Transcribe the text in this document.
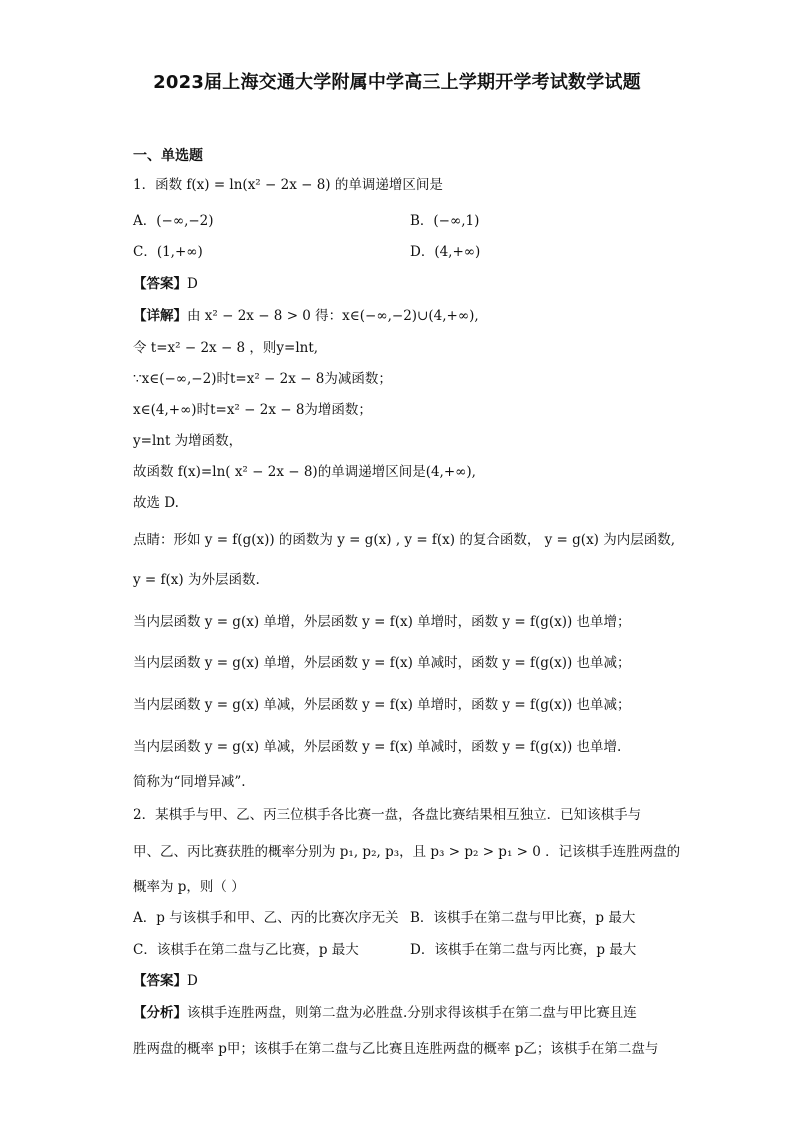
2023届上海交通大学附属中学高三上学期开学考试数学试题
一、单选题
1．函数 f(x) = ln(x² − 2x − 8) 的单调递增区间是
A．(−∞,−2)	B．(−∞,1)
C．(1,+∞)	D．(4,+∞)
【答案】D
【详解】由 x² − 2x − 8 > 0 得：x∈(−∞,−2)∪(4,+∞),
令 t=x² − 2x − 8 ，则y=lnt,
∵x∈(−∞,−2)时t=x² − 2x − 8为减函数；
x∈(4,+∞)时t=x² − 2x − 8为增函数；
y=lnt 为增函数，
故函数 f(x)=ln( x² − 2x − 8)的单调递增区间是(4,+∞),
故选 D.
点睛：形如 y = f(g(x)) 的函数为 y = g(x) , y = f(x) 的复合函数， y = g(x) 为内层函数,
y = f(x) 为外层函数.
当内层函数 y = g(x) 单增，外层函数 y = f(x) 单增时，函数 y = f(g(x)) 也单增；
当内层函数 y = g(x) 单增，外层函数 y = f(x) 单减时，函数 y = f(g(x)) 也单减；
当内层函数 y = g(x) 单减，外层函数 y = f(x) 单增时，函数 y = f(g(x)) 也单减；
当内层函数 y = g(x) 单减，外层函数 y = f(x) 单减时，函数 y = f(g(x)) 也单增.
简称为“同增异减”.
2．某棋手与甲、乙、丙三位棋手各比赛一盘，各盘比赛结果相互独立．已知该棋手与
甲、乙、丙比赛获胜的概率分别为 p₁, p₂, p₃，且 p₃ > p₂ > p₁ > 0 ．记该棋手连胜两盘的
概率为 p，则（ ）
A．p 与该棋手和甲、乙、丙的比赛次序无关 B．该棋手在第二盘与甲比赛，p 最大
C．该棋手在第二盘与乙比赛，p 最大	D．该棋手在第二盘与丙比赛，p 最大
【答案】D
【分析】该棋手连胜两盘，则第二盘为必胜盘.分别求得该棋手在第二盘与甲比赛且连
胜两盘的概率 p甲；该棋手在第二盘与乙比赛且连胜两盘的概率 p乙；该棋手在第二盘与
